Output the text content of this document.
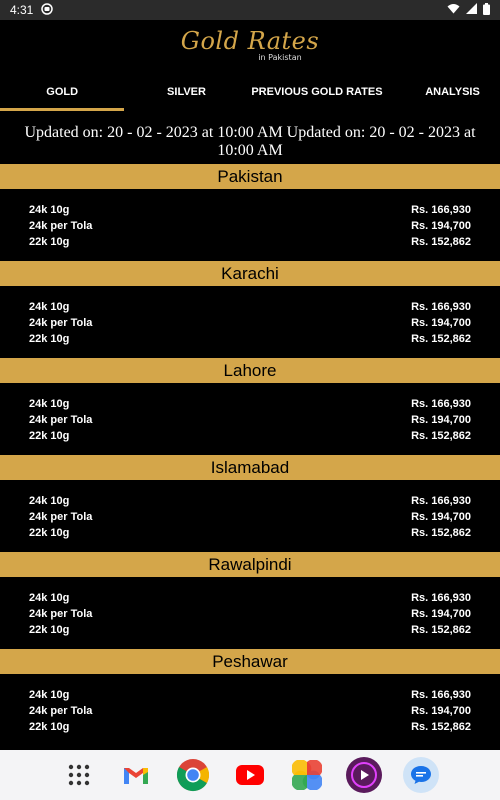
4:31
Gold Rates
in Pakistan
GOLD	SILVER	PREVIOUS GOLD RATES	ANALYSIS
Updated on: 20 - 02 - 2023 at 10:00 AM Updated on: 20 - 02 - 2023 at 10:00 AM
Pakistan
24k 10g	Rs. 166,930
24k per Tola	Rs. 194,700
22k 10g	Rs. 152,862
Karachi
24k 10g	Rs. 166,930
24k per Tola	Rs. 194,700
22k 10g	Rs. 152,862
Lahore
24k 10g	Rs. 166,930
24k per Tola	Rs. 194,700
22k 10g	Rs. 152,862
Islamabad
24k 10g	Rs. 166,930
24k per Tola	Rs. 194,700
22k 10g	Rs. 152,862
Rawalpindi
24k 10g	Rs. 166,930
24k per Tola	Rs. 194,700
22k 10g	Rs. 152,862
Peshawar
24k 10g	Rs. 166,930
24k per Tola	Rs. 194,700
22k 10g	Rs. 152,862
